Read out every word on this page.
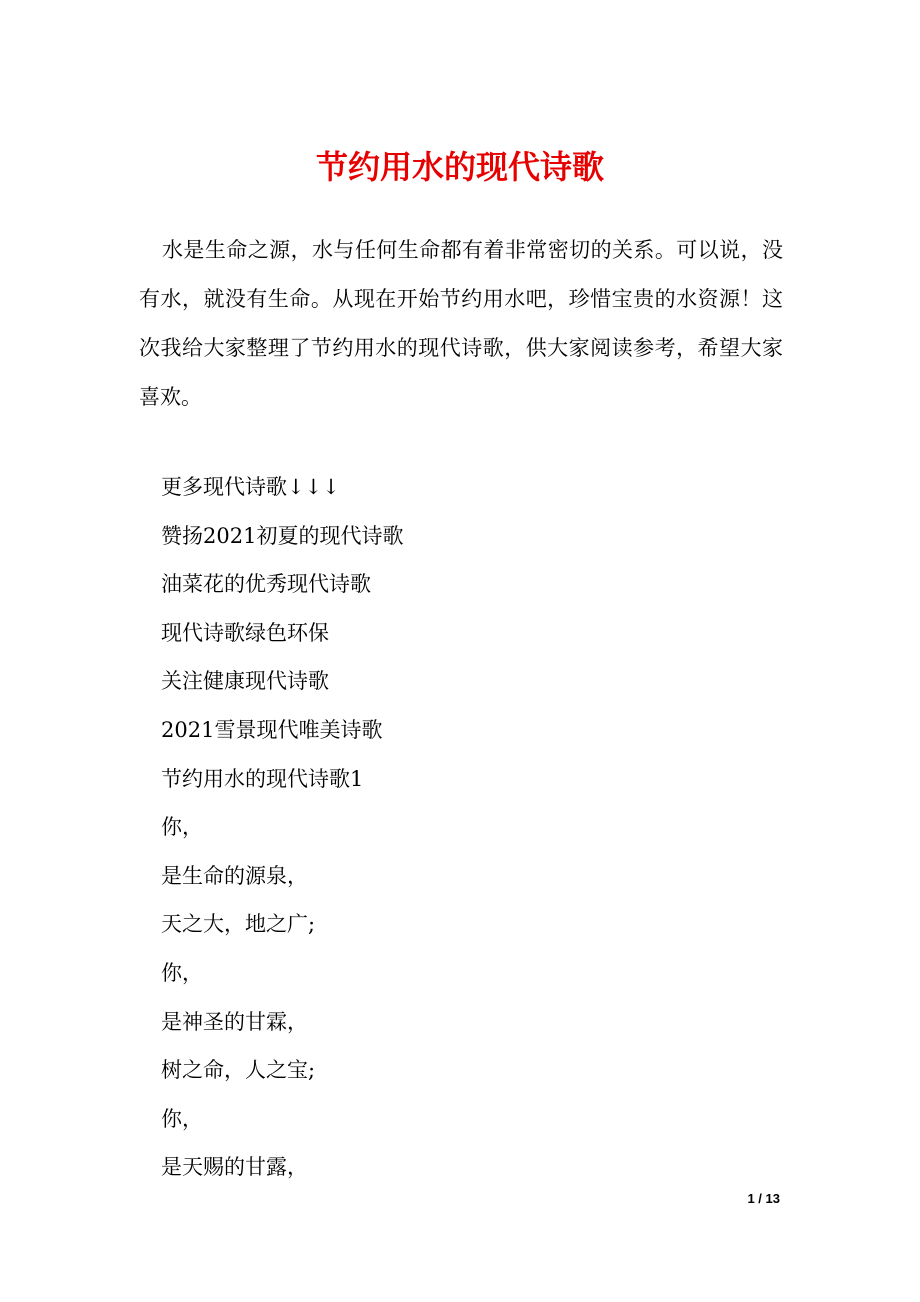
节约用水的现代诗歌

水是生命之源，水与任何生命都有着非常密切的关系。可以说，没有水，就没有生命。从现在开始节约用水吧，珍惜宝贵的水资源！这次我给大家整理了节约用水的现代诗歌，供大家阅读参考，希望大家喜欢。

更多现代诗歌↓↓↓
赞扬2021初夏的现代诗歌
油菜花的优秀现代诗歌
现代诗歌绿色环保
关注健康现代诗歌
2021雪景现代唯美诗歌
节约用水的现代诗歌1
你，
是生命的源泉，
天之大，地之广;
你，
是神圣的甘霖，
树之命，人之宝;
你，
是天赐的甘露，
1 / 13
